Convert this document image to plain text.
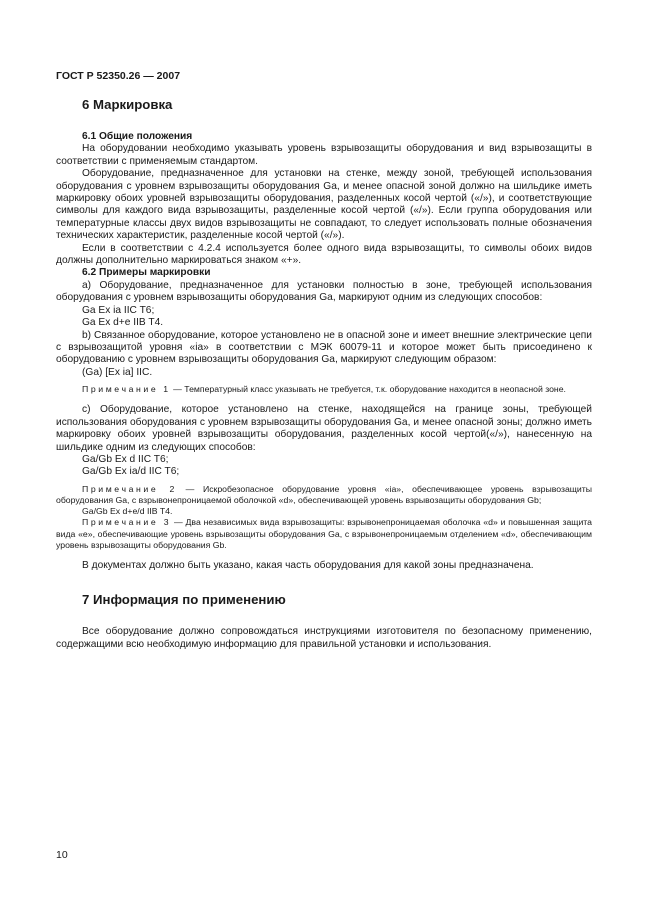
ГОСТ Р 52350.26 — 2007
6 Маркировка
6.1 Общие положения

На оборудовании необходимо указывать уровень взрывозащиты оборудования и вид взрывозащиты в соответствии с применяемым стандартом.

Оборудование, предназначенное для установки на стенке, между зоной, требующей использования оборудования с уровнем взрывозащиты оборудования Ga, и менее опасной зоной должно на шильдике иметь маркировку обоих уровней взрывозащиты оборудования, разделенных косой чертой («/»), и соответствующие символы для каждого вида взрывозащиты, разделенные косой чертой («/»). Если группа оборудования или температурные классы двух видов взрывозащиты не совпадают, то следует использовать полные обозначения технических характеристик, разделенные косой чертой («/»).

Если в соответствии с 4.2.4 используется более одного вида взрывозащиты, то символы обоих видов должны дополнительно маркироваться знаком «+».

6.2 Примеры маркировки

a) Оборудование, предназначенное для установки полностью в зоне, требующей использования оборудования с уровнем взрывозащиты оборудования Ga, маркируют одним из следующих способов:

Ga Ex ia IIC T6;
Ga Ex d+e IIB T4.

b) Связанное оборудование, которое установлено не в опасной зоне и имеет внешние электрические цепи с взрывозащитой уровня «ia» в соответствии с МЭК 60079-11 и которое может быть присоединено к оборудованию с уровнем взрывозащиты оборудования Ga, маркируют следующим образом:

(Ga) [Ex ia] IIC.
Примечание 1 — Температурный класс указывать не требуется, т.к. оборудование находится в неопасной зоне.

c) Оборудование, которое установлено на стенке, находящейся на границе зоны, требующей использования оборудования с уровнем взрывозащиты оборудования Ga, и менее опасной зоны; должно иметь маркировку обоих уровней взрывозащиты оборудования, разделенных косой чертой(«/»), нанесенную на шильдике одним из следующих способов:

Ga/Gb Ex d IIC T6;
Ga/Gb Ex ia/d IIC T6;
Примечание 2 — Искробезопасное оборудование уровня «ia», обеспечивающее уровень взрывозащиты оборудования Ga, с взрывонепроницаемой оболочкой «d», обеспечивающей уровень взрывозащиты оборудования Gb;
Ga/Gb Ex d+e/d IIB T4.
Примечание 3 — Два независимых вида взрывозащиты: взрывонепроницаемая оболочка «d» и повышенная защита вида «e», обеспечивающие уровень взрывозащиты оборудования Ga, с взрывонепроницаемым отделением «d», обеспечивающим уровень взрывозащиты оборудования Gb.

В документах должно быть указано, какая часть оборудования для какой зоны предназначена.

7 Информация по применению

Все оборудование должно сопровождаться инструкциями изготовителя по безопасному применению, содержащими всю необходимую информацию для правильной установки и использования.

10
